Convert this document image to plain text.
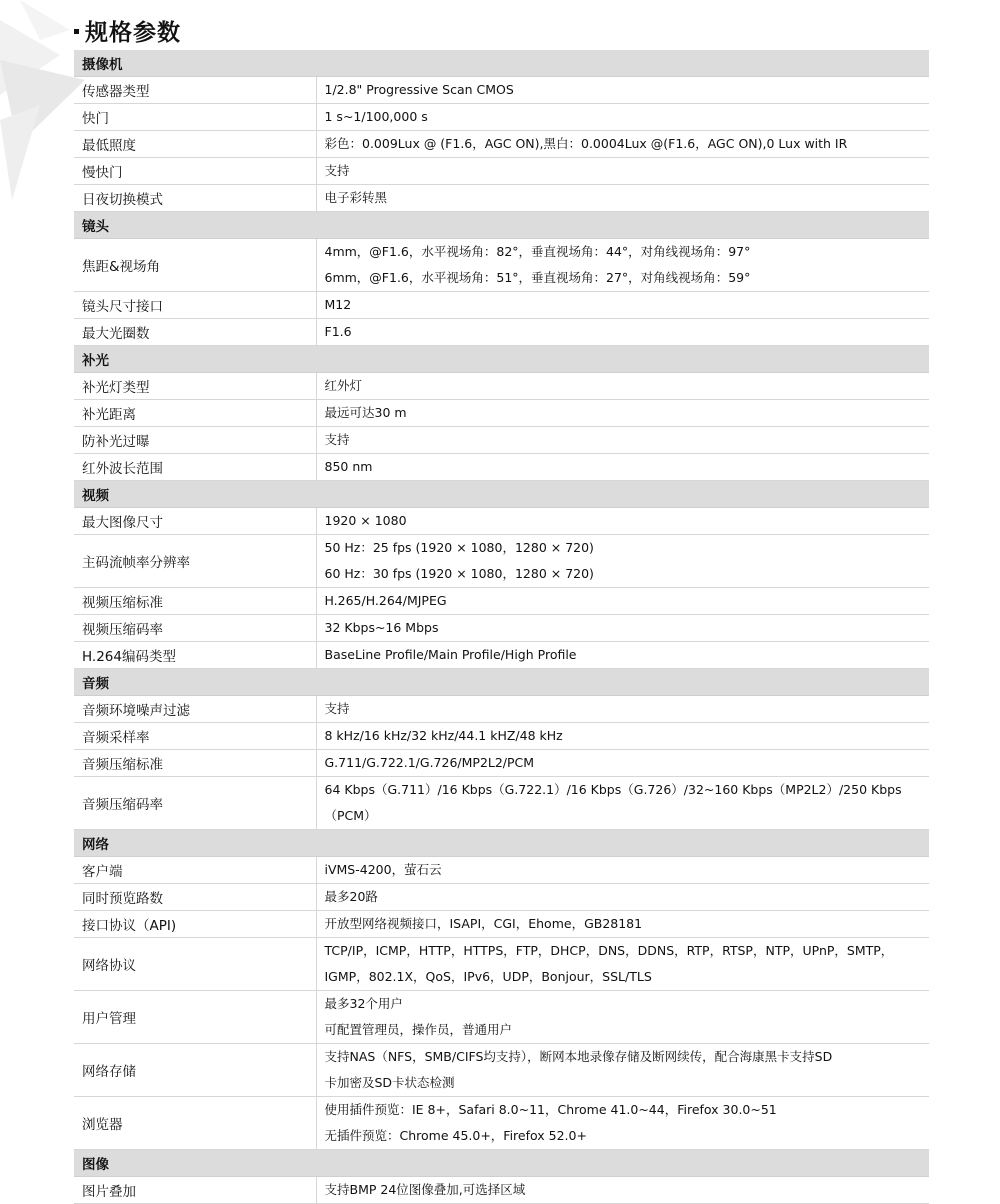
规格参数
摄像机	
传感器类型	1/2.8" Progressive Scan CMOS

快门	1 s~1/100,000 s

最低照度	彩色：0.009Lux @ (F1.6，AGC ON),黑白：0.0004Lux @(F1.6，AGC ON),0 Lux with IR

慢快门	支持

日夜切换模式	电子彩转黑

镜头	
焦距&视场角	4mm，@F1.6，水平视场角：82°，垂直视场角：44°，对角线视场角：97°
6mm，@F1.6，水平视场角：51°，垂直视场角：27°，对角线视场角：59°

镜头尺寸接口	M12

最大光圈数	F1.6

补光	
补光灯类型	红外灯

补光距离	最远可达30 m

防补光过曝	支持

红外波长范围	850 nm

视频	
最大图像尺寸	1920 × 1080

主码流帧率分辨率	50 Hz：25 fps (1920 × 1080，1280 × 720)
60 Hz：30 fps (1920 × 1080，1280 × 720)

视频压缩标准	H.265/H.264/MJPEG

视频压缩码率	32 Kbps~16 Mbps

H.264编码类型	BaseLine Profile/Main Profile/High Profile

音频	
音频环境噪声过滤	支持

音频采样率	8 kHz/16 kHz/32 kHz/44.1 kHZ/48 kHz

音频压缩标准	G.711/G.722.1/G.726/MP2L2/PCM

音频压缩码率	64 Kbps（G.711）/16 Kbps（G.722.1）/16 Kbps（G.726）/32~160 Kbps（MP2L2）/250 Kbps
（PCM）

网络	
客户端	iVMS-4200，萤石云

同时预览路数	最多20路

接口协议（API)	开放型网络视频接口，ISAPI，CGI，Ehome，GB28181

网络协议	TCP/IP，ICMP，HTTP，HTTPS，FTP，DHCP，DNS，DDNS，RTP，RTSP，NTP，UPnP，SMTP，
IGMP，802.1X，QoS，IPv6，UDP，Bonjour，SSL/TLS

用户管理	最多32个用户
可配置管理员，操作员，普通用户

网络存储	支持NAS（NFS，SMB/CIFS均支持），断网本地录像存储及断网续传，配合海康黑卡支持SD
卡加密及SD卡状态检测

浏览器	使用插件预览：IE 8+，Safari 8.0~11，Chrome 41.0~44，Firefox 30.0~51
无插件预览：Chrome 45.0+，Firefox 52.0+

图像	
图片叠加	支持BMP 24位图像叠加,可选择区域
